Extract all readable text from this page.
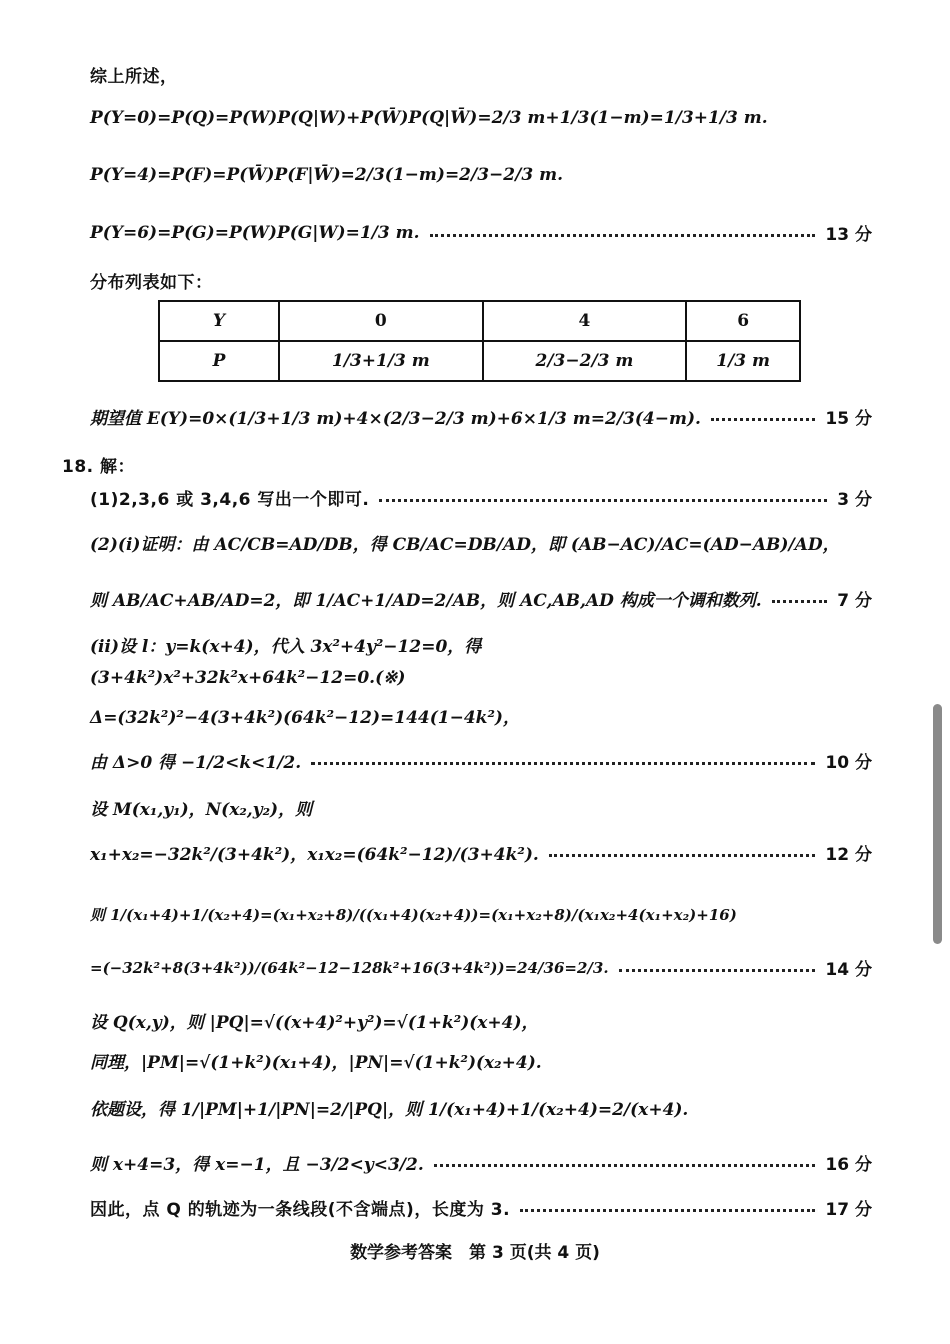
综上所述，
P(Y=0)=P(Q)=P(W)P(Q|W)+P(W̄)P(Q|W̄)=2/3 m+1/3(1−m)=1/3+1/3 m.
P(Y=4)=P(F)=P(W̄)P(F|W̄)=2/3(1−m)=2/3−2/3 m.
P(Y=6)=P(G)=P(W)P(G|W)=1/3 m.	13 分
分布列表如下：
Y	0	4	6
P	1/3+1/3 m	2/3−2/3 m	1/3 m
期望值 E(Y)=0×(1/3+1/3 m)+4×(2/3−2/3 m)+6×1/3 m=2/3(4−m).	15 分
18. 解：
(1)2,3,6 或 3,4,6 写出一个即可.	3 分
(2)(ⅰ)证明：由 AC/CB=AD/DB，得 CB/AC=DB/AD，即 (AB−AC)/AC=(AD−AB)/AD，
则 AB/AC+AB/AD=2，即 1/AC+1/AD=2/AB，则 AC,AB,AD 构成一个调和数列.	7 分
(ⅱ)设 l：y=k(x+4)，代入 3x²+4y²−12=0，得
(3+4k²)x²+32k²x+64k²−12=0.(※)
Δ=(32k²)²−4(3+4k²)(64k²−12)=144(1−4k²)，
由 Δ>0 得 −1/2<k<1/2.	10 分
设 M(x₁,y₁)，N(x₂,y₂)，则
x₁+x₂=−32k²/(3+4k²)，x₁x₂=(64k²−12)/(3+4k²).	12 分
则 1/(x₁+4)+1/(x₂+4)=(x₁+x₂+8)/((x₁+4)(x₂+4))=(x₁+x₂+8)/(x₁x₂+4(x₁+x₂)+16)
=(−32k²+8(3+4k²))/(64k²−12−128k²+16(3+4k²))=24/36=2/3.	14 分
设 Q(x,y)，则 |PQ|=√((x+4)²+y²)=√(1+k²)(x+4)，
同理，|PM|=√(1+k²)(x₁+4)，|PN|=√(1+k²)(x₂+4).
依题设，得 1/|PM|+1/|PN|=2/|PQ|，则 1/(x₁+4)+1/(x₂+4)=2/(x+4).
则 x+4=3，得 x=−1，且 −3/2<y<3/2.	16 分
因此，点 Q 的轨迹为一条线段(不含端点)，长度为 3.	17 分
数学参考答案　第 3 页(共 4 页)
